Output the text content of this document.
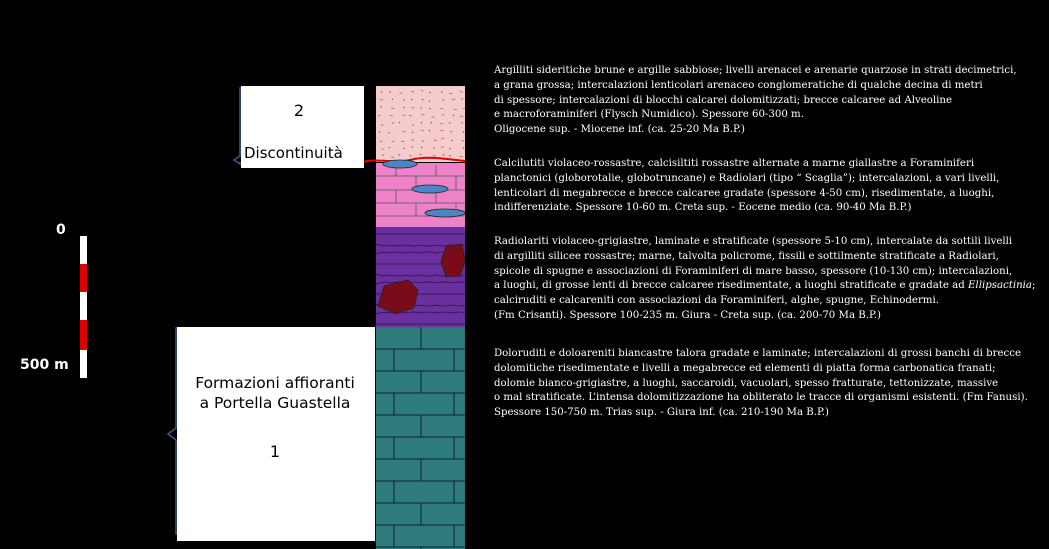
0
500 m
2
Discontinuità
Formazioni affioranti
a Portella Guastella
1
Argilliti sideritiche brune e argille sabbiose; livelli arenacei e arenarie quarzose in strati decimetrici,
a grana grossa; intercalazioni lenticolari arenaceo conglomeratiche di qualche decina di metri
di spessore; intercalazioni di blocchi calcarei dolomitizzati; brecce calcaree ad Alveoline
e macroforaminiferi (Flysch Numidico). Spessore 60-300 m.
Oligocene sup. - Miocene inf. (ca. 25-20 Ma B.P.)
Calcilutiti violaceo-rossastre, calcisiltiti rossastre alternate a marne giallastre a Foraminiferi
planctonici (globorotalie, globotruncane) e Radiolari (tipo “ Scaglia”); intercalazioni, a vari livelli,
lenticolari di megabrecce e brecce calcaree gradate (spessore 4-50 cm), risedimentate, a luoghi,
indifferenziate. Spessore 10-60 m. Creta sup. - Eocene medio (ca. 90-40 Ma B.P.)
Radiolariti violaceo-grigiastre, laminate e stratificate (spessore 5-10 cm), intercalate da sottili livelli
di argilliti silicee rossastre; marne, talvolta policrome, fissili e sottilmente stratificate a Radiolari,
spicole di spugne e associazioni di Foraminiferi di mare basso, spessore (10-130 cm); intercalazioni,
a luoghi, di grosse lenti di brecce calcaree risedimentate, a luoghi stratificate e gradate ad Ellipsactinia;
calciruditi e calcareniti con associazioni da Foraminiferi, alghe, spugne, Echinodermi.
(Fm Crisanti). Spessore 100-235 m. Giura - Creta sup. (ca. 200-70 Ma B.P.)
Doloruditi e doloareniti biancastre talora gradate e laminate; intercalazioni di grossi banchi di brecce
dolomitiche risedimentate e livelli a megabrecce ed elementi di piatta forma carbonatica franati;
dolomie bianco-grigiastre, a luoghi, saccaroidi, vacuolari, spesso fratturate, tettonizzate, massive
o mal stratificate. L’intensa dolomitizzazione ha obliterato le tracce di organismi esistenti. (Fm Fanusi).
Spessore 150-750 m. Trias sup. - Giura inf. (ca. 210-190 Ma B.P.)
